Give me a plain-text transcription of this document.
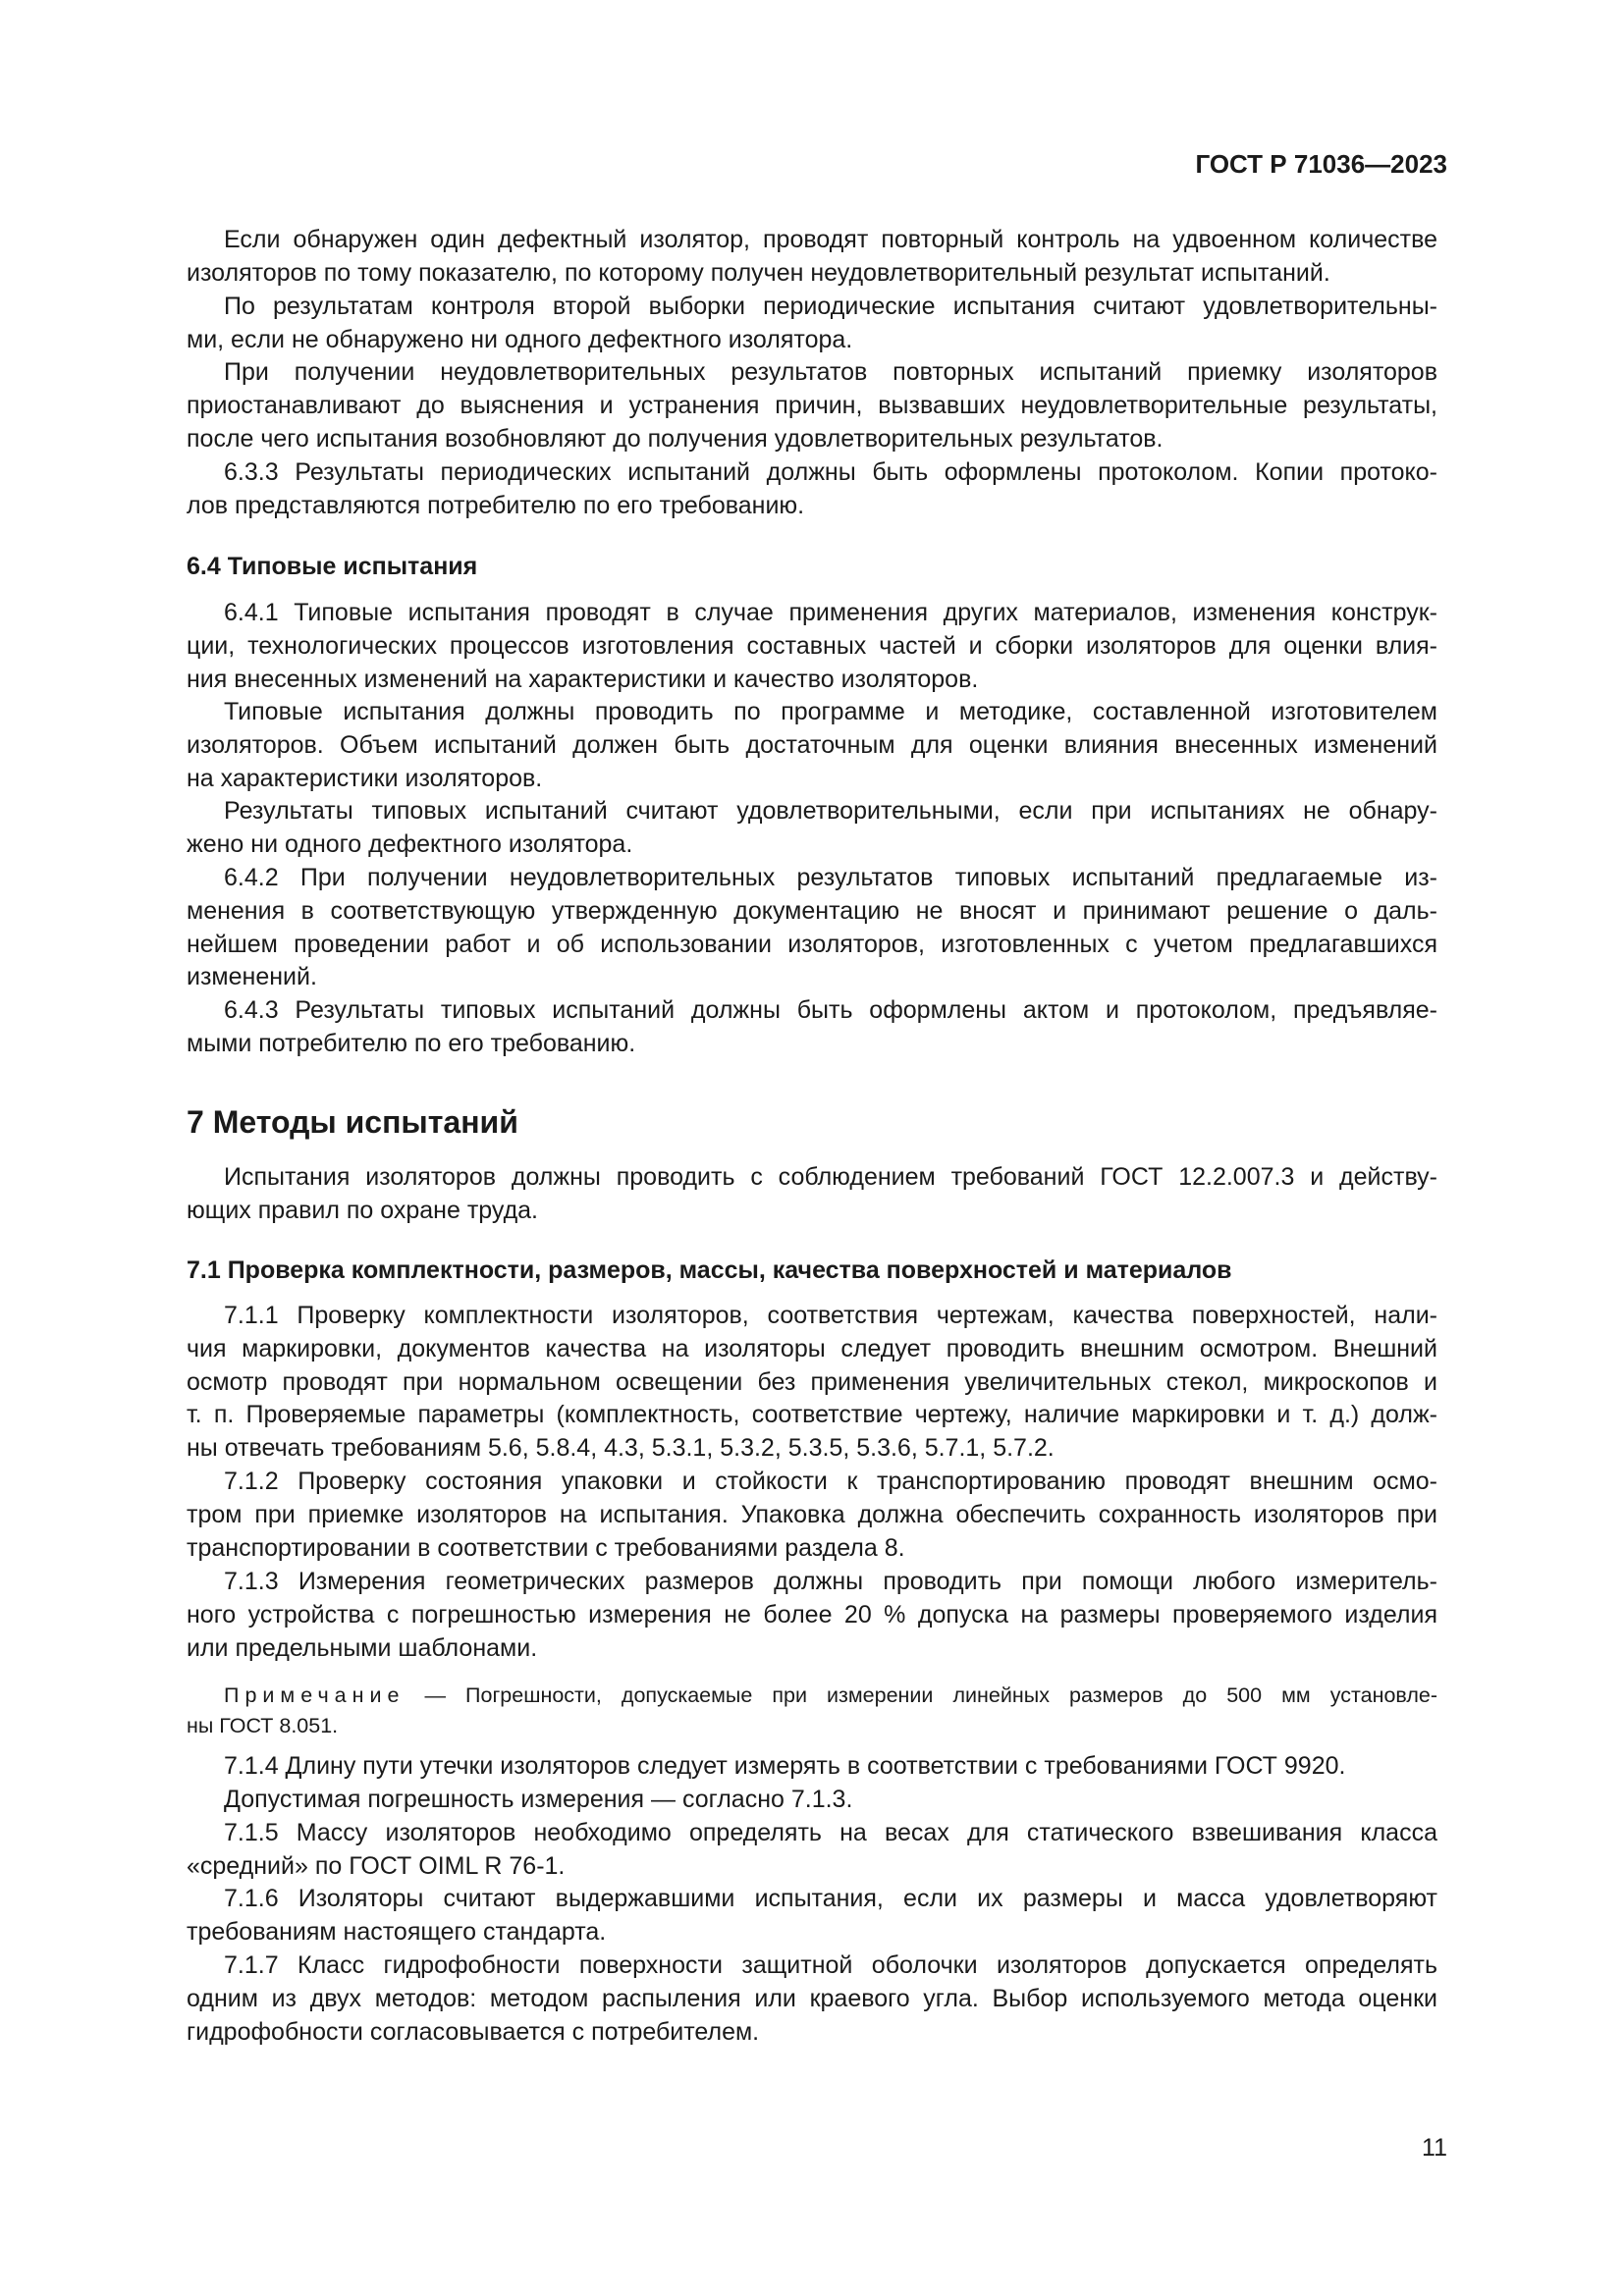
ГОСТ Р 71036—2023

Если обнаружен один дефектный изолятор, проводят повторный контроль на удвоенном количестве
изоляторов по тому показателю, по которому получен неудовлетворительный результат испытаний.
По результатам контроля второй выборки периодические испытания считают удовлетворительны-
ми, если не обнаружено ни одного дефектного изолятора.
При получении неудовлетворительных результатов повторных испытаний приемку изоляторов
приостанавливают до выяснения и устранения причин, вызвавших неудовлетворительные результаты,
после чего испытания возобновляют до получения удовлетворительных результатов.
6.3.3 Результаты периодических испытаний должны быть оформлены протоколом. Копии протоко-
лов представляются потребителю по его требованию.
6.4 Типовые испытания
6.4.1 Типовые испытания проводят в случае применения других материалов, изменения конструк-
ции, технологических процессов изготовления составных частей и сборки изоляторов для оценки влия-
ния внесенных изменений на характеристики и качество изоляторов.
Типовые испытания должны проводить по программе и методике, составленной изготовителем
изоляторов. Объем испытаний должен быть достаточным для оценки влияния внесенных изменений
на характеристики изоляторов.
Результаты типовых испытаний считают удовлетворительными, если при испытаниях не обнару-
жено ни одного дефектного изолятора.
6.4.2 При получении неудовлетворительных результатов типовых испытаний предлагаемые из-
менения в соответствующую утвержденную документацию не вносят и принимают решение о даль-
нейшем проведении работ и об использовании изоляторов, изготовленных с учетом предлагавшихся
изменений.
6.4.3 Результаты типовых испытаний должны быть оформлены актом и протоколом, предъявляе-
мыми потребителю по его требованию.
7 Методы испытаний
Испытания изоляторов должны проводить с соблюдением требований ГОСТ 12.2.007.3 и действу-
ющих правил по охране труда.
7.1 Проверка комплектности, размеров, массы, качества поверхностей и материалов
7.1.1 Проверку комплектности изоляторов, соответствия чертежам, качества поверхностей, нали-
чия маркировки, документов качества на изоляторы следует проводить внешним осмотром. Внешний
осмотр проводят при нормальном освещении без применения увеличительных стекол, микроскопов и
т. п. Проверяемые параметры (комплектность, соответствие чертежу, наличие маркировки и т. д.) долж-
ны отвечать требованиям 5.6, 5.8.4, 4.3, 5.3.1, 5.3.2, 5.3.5, 5.3.6, 5.7.1, 5.7.2.
7.1.2 Проверку состояния упаковки и стойкости к транспортированию проводят внешним осмо-
тром при приемке изоляторов на испытания. Упаковка должна обеспечить сохранность изоляторов при
транспортировании в соответствии с требованиями раздела 8.
7.1.3 Измерения геометрических размеров должны проводить при помощи любого измеритель-
ного устройства с погрешностью измерения не более 20 % допуска на размеры проверяемого изделия
или предельными шаблонами.
Примечание — Погрешности, допускаемые при измерении линейных размеров до 500 мм установле-
ны ГОСТ 8.051.
7.1.4 Длину пути утечки изоляторов следует измерять в соответствии с требованиями ГОСТ 9920.
Допустимая погрешность измерения — согласно 7.1.3.
7.1.5 Массу изоляторов необходимо определять на весах для статического взвешивания класса
«средний» по ГОСТ OIML R 76-1.
7.1.6 Изоляторы считают выдержавшими испытания, если их размеры и масса удовлетворяют
требованиям настоящего стандарта.
7.1.7 Класс гидрофобности поверхности защитной оболочки изоляторов допускается определять
одним из двух методов: методом распыления или краевого угла. Выбор используемого метода оценки
гидрофобности согласовывается с потребителем.

11
